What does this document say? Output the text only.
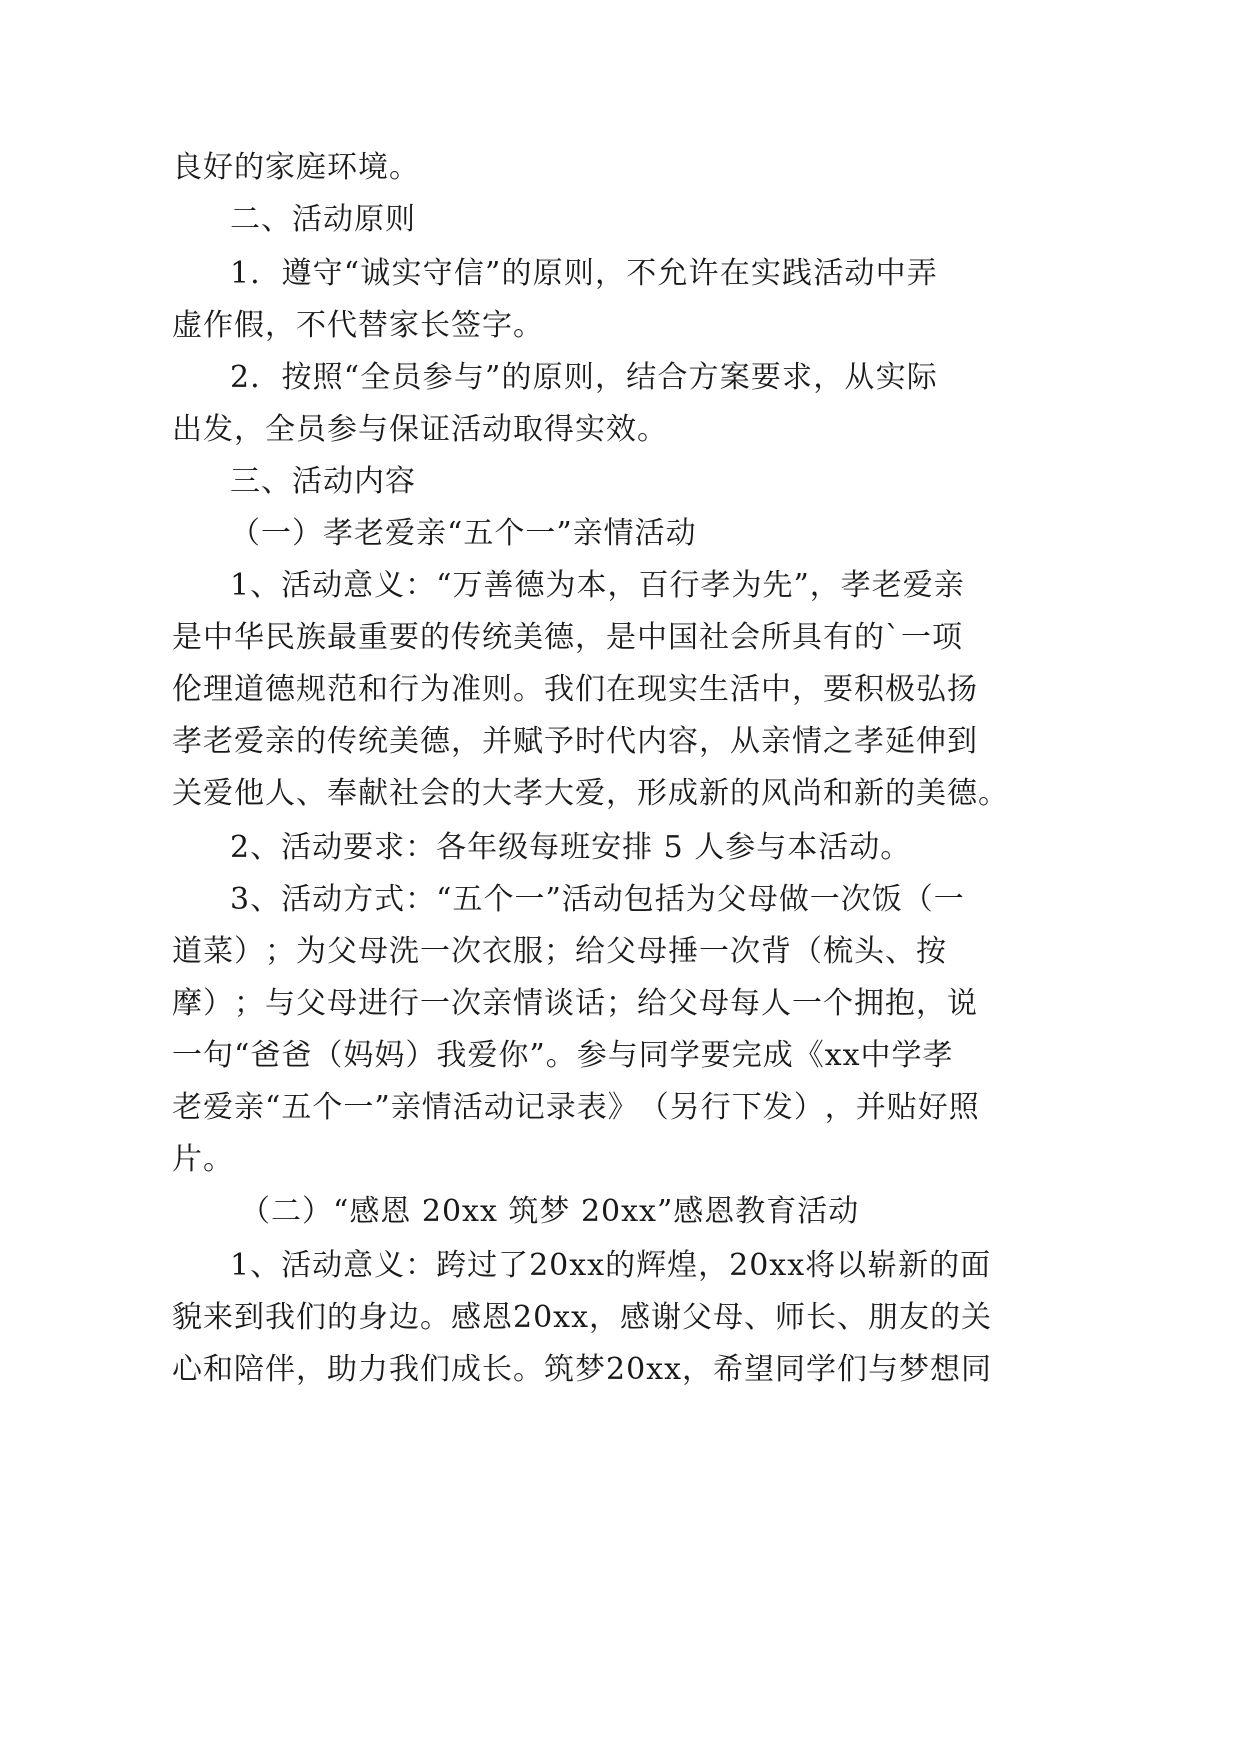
良好的家庭环境。
二、活动原则
1 ． 遵 守 “ 诚 实 守 信 ” 的 原 则 ， 不 允 许 在 实 践 活 动 中 弄
虚作假，不代替家长签字。
2 ． 按 照 “ 全 员 参 与 ” 的 原 则 ， 结 合 方 案 要 求 ， 从 实 际
出发，全员参与保证活动取得实效。
三、活动内容
（一）孝老爱亲“五个一”亲情活动
1 、 活 动 意 义 ： “ 万 善 德 为 本 ， 百 行 孝 为 先 ” ， 孝 老 爱 亲
是 中 华 民 族 最 重 要 的 传 统 美 德 ， 是 中 国 社 会 所 具 有 的 ` 一 项
伦 理 道 德 规 范 和 行 为 准 则 。 我 们 在 现 实 生 活 中 ， 要 积 极 弘 扬
孝 老 爱 亲 的 传 统 美 德 ， 并 赋 予 时 代 内 容 ， 从 亲 情 之 孝 延 伸 到
关 爱 他 人 、 奉 献 社 会 的 大 孝 大 爱 ， 形 成 新 的 风 尚 和 新 的 美 德 。
2、活动要求：各年级每班安排 5 人参与本活动。
3 、 活 动 方 式 ： “ 五 个 一 ” 活 动 包 括 为 父 母 做 一 次 饭 （ 一
道 菜 ） ； 为 父 母 洗 一 次 衣 服 ； 给 父 母 捶 一 次 背 （ 梳 头 、 按
摩 ） ； 与 父 母 进 行 一 次 亲 情 谈 话 ； 给 父 母 每 人 一 个 拥 抱 ， 说
一 句 “ 爸 爸 （ 妈 妈 ） 我 爱 你 ” 。 参 与 同 学 要 完 成 《 xx 中 学 孝
老 爱 亲 “ 五 个 一 ” 亲 情 活 动 记 录 表 》 （ 另 行 下 发 ） ， 并 贴 好 照
片。
（二）“感恩 20xx 筑梦 20xx”感恩教育活动
1 、 活 动 意 义 ： 跨 过 了 20xx 的 辉 煌 ， 20xx 将 以 崭 新 的 面
貌 来 到 我 们 的 身 边 。 感 恩 20xx ， 感 谢 父 母 、 师 长 、 朋 友 的 关
心 和 陪 伴 ， 助 力 我 们 成 长 。 筑 梦 20xx ， 希 望 同 学 们 与 梦 想 同
